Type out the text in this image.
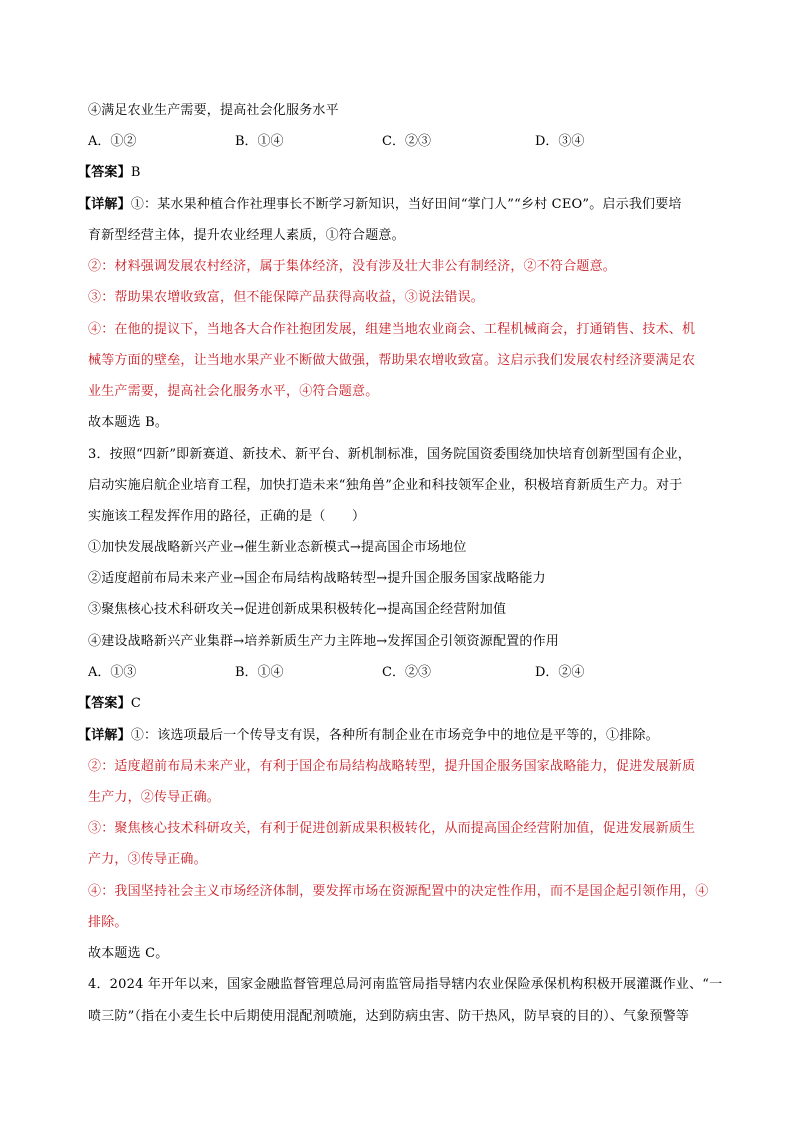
④满足农业生产需要，提高社会化服务水平
A．①②	B．①④	C．②③	D．③④
【答案】B
【详解】①：某水果种植合作社理事长不断学习新知识，当好田间“掌门人”“乡村 CEO”。启示我们要培
育新型经营主体，提升农业经理人素质，①符合题意。
②：材料强调发展农村经济，属于集体经济，没有涉及壮大非公有制经济，②不符合题意。
③：帮助果农增收致富，但不能保障产品获得高收益，③说法错误。
④：在他的提议下，当地各大合作社抱团发展，组建当地农业商会、工程机械商会，打通销售、技术、机
械等方面的壁垒，让当地水果产业不断做大做强，帮助果农增收致富。这启示我们发展农村经济要满足农
业生产需要，提高社会化服务水平，④符合题意。
故本题选 B。
3．按照“四新”即新赛道、新技术、新平台、新机制标准，国务院国资委围绕加快培育创新型国有企业，
启动实施启航企业培育工程，加快打造未来“独角兽”企业和科技领军企业，积极培育新质生产力。对于
实施该工程发挥作用的路径，正确的是（　　）
①加快发展战略新兴产业→催生新业态新模式→提高国企市场地位
②适度超前布局未来产业→国企布局结构战略转型→提升国企服务国家战略能力
③聚焦核心技术科研攻关→促进创新成果积极转化→提高国企经营附加值
④建设战略新兴产业集群→培养新质生产力主阵地→发挥国企引领资源配置的作用
A．①③	B．①④	C．②③	D．②④
【答案】C
【详解】①：该选项最后一个传导支有误，各种所有制企业在市场竞争中的地位是平等的，①排除。
②：适度超前布局未来产业，有利于国企布局结构战略转型，提升国企服务国家战略能力，促进发展新质
生产力，②传导正确。
③：聚焦核心技术科研攻关，有利于促进创新成果积极转化，从而提高国企经营附加值，促进发展新质生
产力，③传导正确。
④：我国坚持社会主义市场经济体制，要发挥市场在资源配置中的决定性作用，而不是国企起引领作用，④
排除。
故本题选 C。
4．2024 年开年以来，国家金融监督管理总局河南监管局指导辖内农业保险承保机构积极开展灌溉作业、“一
喷三防”（指在小麦生长中后期使用混配剂喷施，达到防病虫害、防干热风，防早衰的目的）、气象预警等
